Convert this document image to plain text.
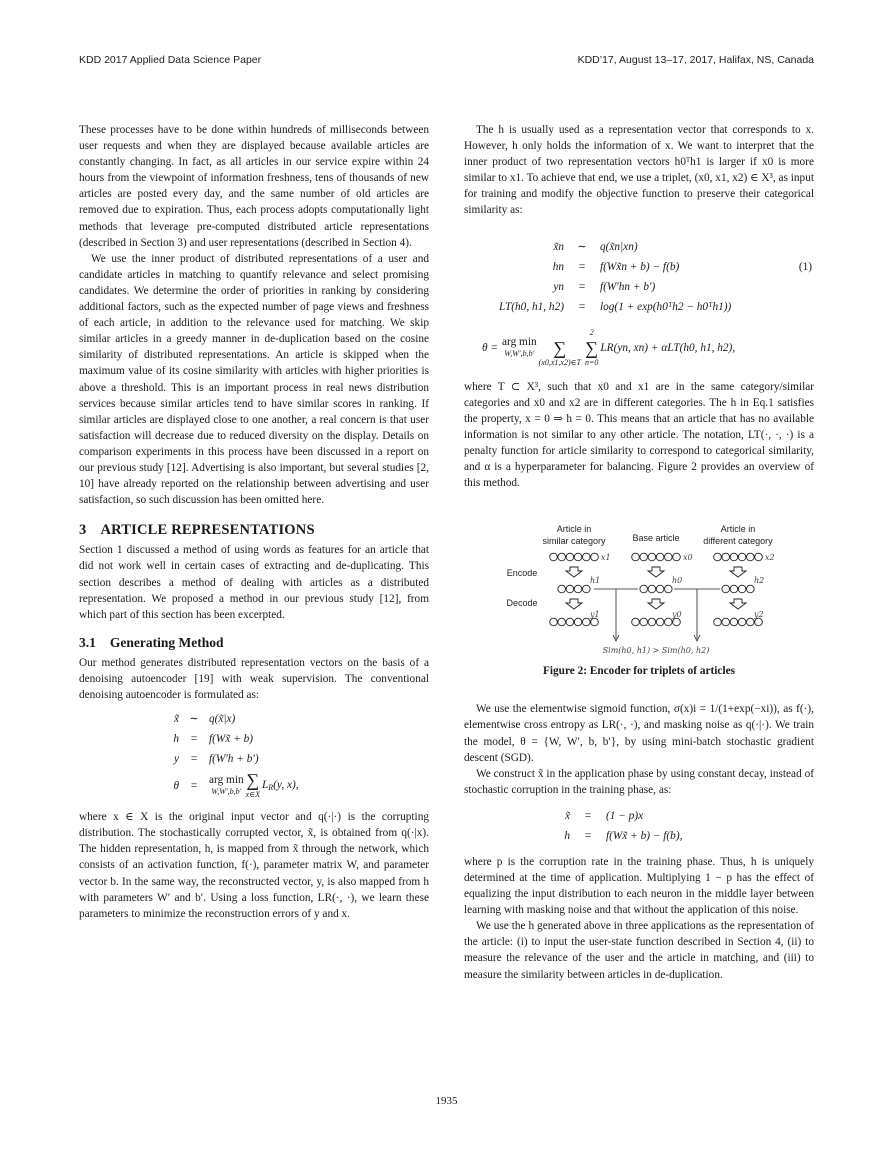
KDD 2017 Applied Data Science Paper	KDD’17, August 13–17, 2017, Halifax, NS, Canada

These processes have to be done within hundreds of milliseconds between user requests and when they are displayed because available articles are constantly changing. In fact, as all articles in our service expire within 24 hours from the viewpoint of information freshness, tens of thousands of new articles are posted every day, and the same number of old articles are removed due to expiration. Thus, each process adopts computationally light methods that leverage pre-computed distributed article representations (described in Section 3) and user representations (described in Section 4).

We use the inner product of distributed representations of a user and candidate articles in matching to quantify relevance and select promising candidates. We determine the order of priorities in ranking by considering additional factors, such as the expected number of page views and freshness of each article, in addition to the relevance used for matching. We skip similar articles in a greedy manner in de-duplication based on the cosine similarity of distributed representations. An article is skipped when the maximum value of its cosine similarity with articles with higher priorities is above a threshold. This is an important process in real news distribution services because similar articles tend to have similar scores in ranking. If similar articles are displayed close to one another, a real concern is that user satisfaction will decrease due to reduced diversity on the display. Details on comparison experiments in this process have been discussed in a report on our previous study [12]. Advertising is also important, but several studies [2, 10] have already reported on the relationship between advertising and user satisfaction, so such discussion has been omitted here.

3 ARTICLE REPRESENTATIONS

Section 1 discussed a method of using words as features for an article that did not work well in certain cases of extracting and de-duplicating. This section describes a method of dealing with articles as a distributed representation. We proposed a method in our previous study [12], from which part of this section has been excerpted.

3.1 Generating Method

Our method generates distributed representation vectors on the basis of a denoising autoencoder [19] with weak supervision. The conventional denoising autoencoder is formulated as:

x̃ ∼ q(x̃|x)
h	=	f(Wx̃ + b)
y	=	f(W′h + b′)
θ	=	arg min
W,W′,b,b′
∑
x∈X
$L_R(y$, x),

where x ∈ X is the original input vector and q(·|·) is the corrupting distribution. The stochastically corrupted vector, x̃, is obtained from q(·|x). The hidden representation, h, is mapped from x̃ through the network, which consists of an activation function, f(·), parameter matrix W, and parameter vector b. In the same way, the reconstructed vector, y, is also mapped from h with parameters W′ and b′. Using a loss function, LR(·, ·), we learn these parameters to minimize the reconstruction errors of y and x.

The h is usually used as a representation vector that corresponds to x. However, h only holds the information of x. We want to interpret that the inner product of two representation vectors h0ᵀh1 is larger if x0 is more similar to x1. To achieve that end, we use a triplet, (x0, x1, x2) ∈ X³, as input for training and modify the objective function to preserve their categorical similarity as:

x̃n	∼	q(x̃n|xn)
hn	=	f(Wx̃n + b) − f(b)	(1)
yn	=	f(W′hn + b′)
LT(h0, h1, h2)	=	log(1 + exp(h0ᵀh2 − h0ᵀh1))
θ = arg min
W,W′,b,b′ ∑
(x0,x1,x2)∈T
2
∑
n=0
LR(yn, xn) + αLT(h0, h1, h2),

where T ⊂ X³, such that x0 and x1 are in the same category/similar categories and x0 and x2 are in different categories. The h in Eq.1 satisfies the property, x = 0 ⇒ h = 0. This means that an article that has no available information is not similar to any other article. The notation, LT(·, ·, ·) is a penalty function for article similarity to correspond to categorical similarity, and α is a hyperparameter for balancing. Figure 2 provides an overview of this method.

Article in
similar category	Base article
Article in
different category
Encode
Decode
x1	x0	x2
h1	h0	h2
y1	y0	y2
Sim(h0, h1) > Sim(h0, h2)
Figure 2: Encoder for triplets of articles

We use the elementwise sigmoid function, σ(x)i = 1/(1+exp(−xi)), as f(·), elementwise cross entropy as LR(·, ·), and masking noise as q(·|·). We train the model, θ = {W, W′, b, b′}, by using mini-batch stochastic gradient descent (SGD).

We construct x̃ in the application phase by using constant decay, instead of stochastic corruption in the training phase, as:

x̃	=	(1 − p)x
h	=	f(Wx̃ + b) − f(b),

where p is the corruption rate in the training phase. Thus, h is uniquely determined at the time of application. Multiplying 1 − p has the effect of equalizing the input distribution to each neuron in the middle layer between learning with masking noise and that without the application of this noise.

We use the h generated above in three applications as the representation of the article: (i) to input the user-state function described in Section 4, (ii) to measure the relevance of the user and the article in matching, and (iii) to measure the similarity between articles in de-duplication.

1935
